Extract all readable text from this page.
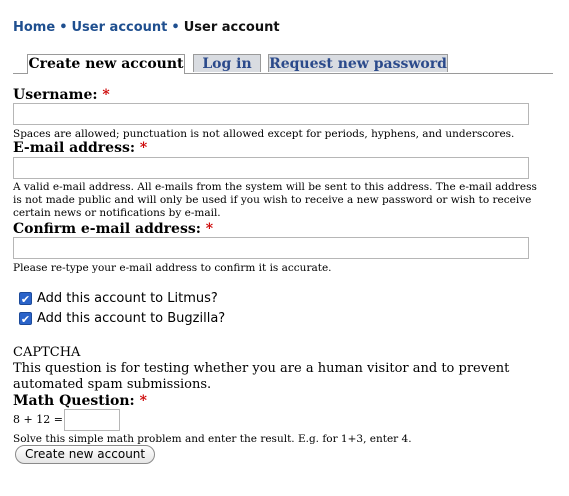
Home • User account • User account
Create new account	Log in	Request new password
Username: *
Spaces are allowed; punctuation is not allowed except for periods, hyphens, and underscores.
E-mail address: *
A valid e-mail address. All e-mails from the system will be sent to this address. The e-mail address is not made public and will only be used if you wish to receive a new password or wish to receive certain news or notifications by e-mail.
Confirm e-mail address: *
Please re-type your e-mail address to confirm it is accurate.
✔ Add this account to Litmus?
✔ Add this account to Bugzilla?
CAPTCHA
This question is for testing whether you are a human visitor and to prevent automated spam submissions.
Math Question: *
8 + 12 =
Solve this simple math problem and enter the result. E.g. for 1+3, enter 4.
Create new account
